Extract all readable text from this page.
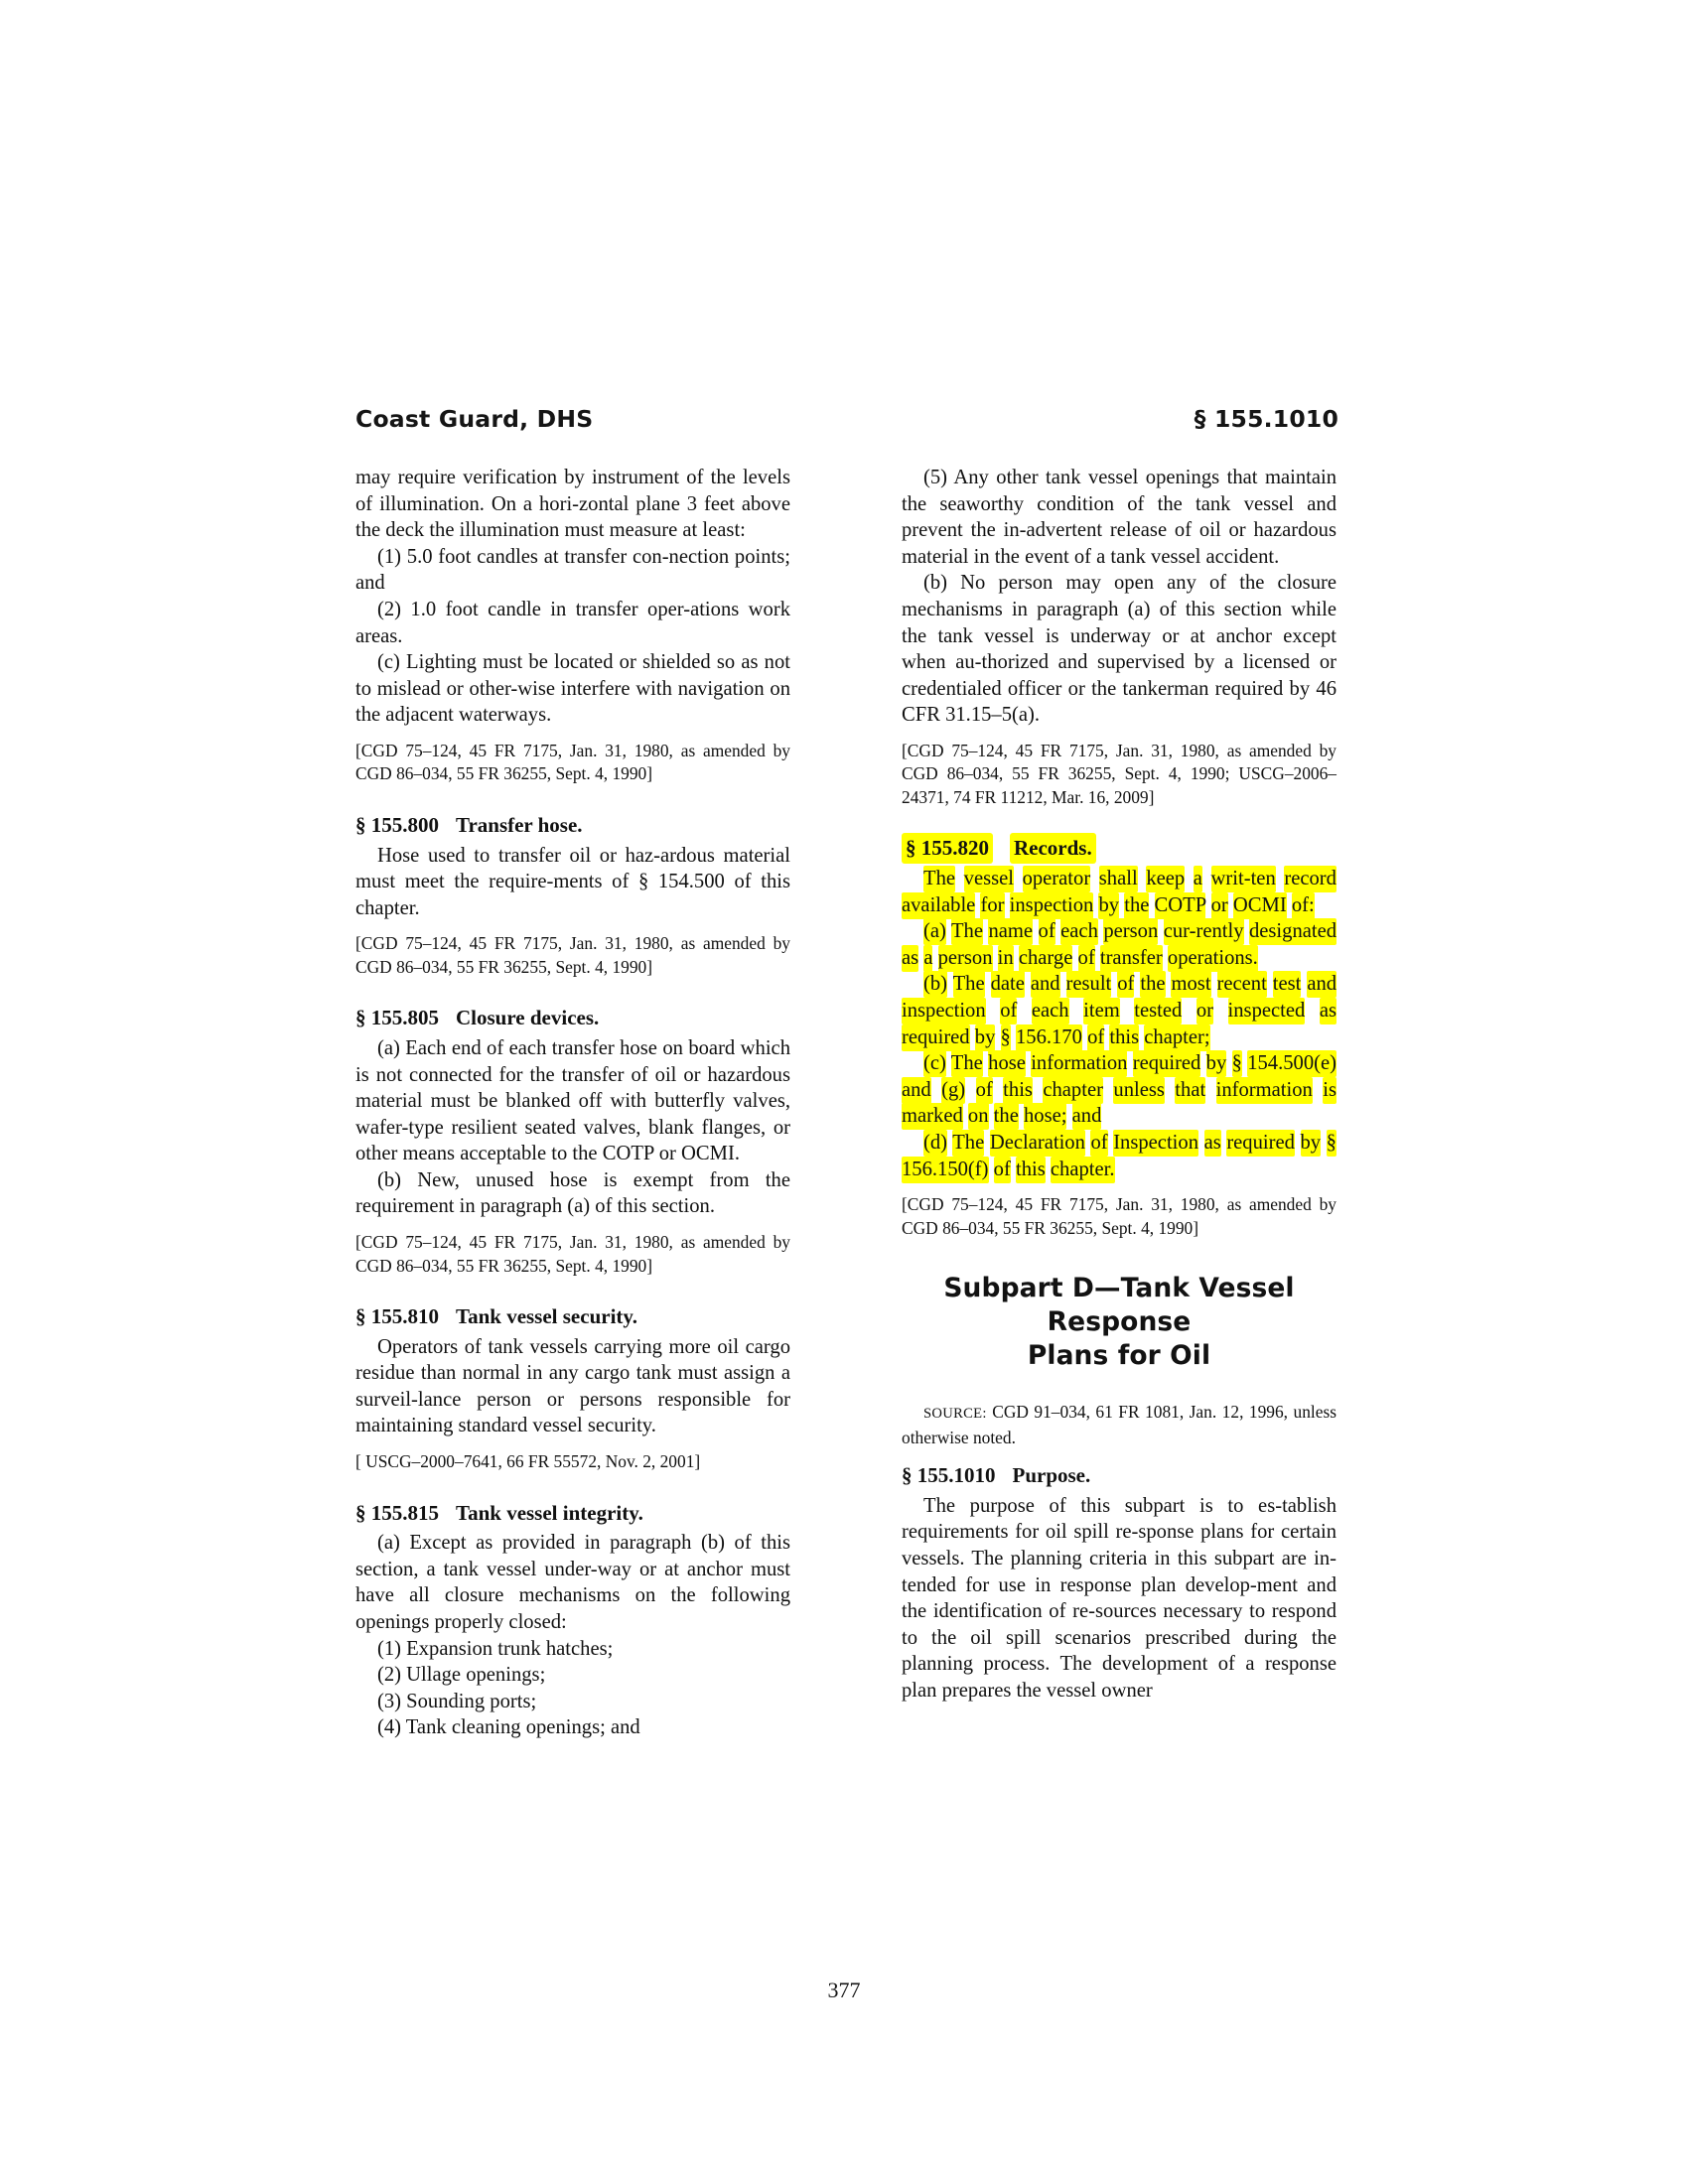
Coast Guard, DHS	§ 155.1010

may require verification by instrument of the levels of illumination. On a hori-zontal plane 3 feet above the deck the illumination must measure at least:

(1) 5.0 foot candles at transfer con-nection points; and

(2) 1.0 foot candle in transfer oper-ations work areas.

(c) Lighting must be located or shielded so as not to mislead or other-wise interfere with navigation on the adjacent waterways.

[CGD 75–124, 45 FR 7175, Jan. 31, 1980, as amended by CGD 86–034, 55 FR 36255, Sept. 4, 1990]

§ 155.800 Transfer hose.

Hose used to transfer oil or haz-ardous material must meet the require-ments of § 154.500 of this chapter.

[CGD 75–124, 45 FR 7175, Jan. 31, 1980, as amended by CGD 86–034, 55 FR 36255, Sept. 4, 1990]

§ 155.805 Closure devices.

(a) Each end of each transfer hose on board which is not connected for the transfer of oil or hazardous material must be blanked off with butterfly valves, wafer-type resilient seated valves, blank flanges, or other means acceptable to the COTP or OCMI.

(b) New, unused hose is exempt from the requirement in paragraph (a) of this section.

[CGD 75–124, 45 FR 7175, Jan. 31, 1980, as amended by CGD 86–034, 55 FR 36255, Sept. 4, 1990]

§ 155.810 Tank vessel security.

Operators of tank vessels carrying more oil cargo residue than normal in any cargo tank must assign a surveil-lance person or persons responsible for maintaining standard vessel security.

[ USCG–2000–7641, 66 FR 55572, Nov. 2, 2001]

§ 155.815 Tank vessel integrity.

(a) Except as provided in paragraph (b) of this section, a tank vessel under-way or at anchor must have all closure mechanisms on the following openings properly closed:

(1) Expansion trunk hatches;

(2) Ullage openings;

(3) Sounding ports;

(4) Tank cleaning openings; and

(5) Any other tank vessel openings that maintain the seaworthy condition of the tank vessel and prevent the in-advertent release of oil or hazardous material in the event of a tank vessel accident.

(b) No person may open any of the closure mechanisms in paragraph (a) of this section while the tank vessel is underway or at anchor except when au-thorized and supervised by a licensed or credentialed officer or the tankerman required by 46 CFR 31.15–5(a).

[CGD 75–124, 45 FR 7175, Jan. 31, 1980, as amended by CGD 86–034, 55 FR 36255, Sept. 4, 1990; USCG–2006–24371, 74 FR 11212, Mar. 16, 2009]

§ 155.820 Records.

The vessel operator shall keep a writ-ten record available for inspection by the COTP or OCMI of:

(a) The name of each person cur-rently designated as a person in charge of transfer operations.

(b) The date and result of the most recent test and inspection of each item tested or inspected as required by § 156.170 of this chapter;

(c) The hose information required by § 154.500(e) and (g) of this chapter unless that information is marked on the hose; and

(d) The Declaration of Inspection as required by § 156.150(f) of this chapter.

[CGD 75–124, 45 FR 7175, Jan. 31, 1980, as amended by CGD 86–034, 55 FR 36255, Sept. 4, 1990]

Subpart D—Tank Vessel Response
Plans for Oil

SOURCE: CGD 91–034, 61 FR 1081, Jan. 12, 1996, unless otherwise noted.

§ 155.1010 Purpose.

The purpose of this subpart is to es-tablish requirements for oil spill re-sponse plans for certain vessels. The planning criteria in this subpart are in-tended for use in response plan develop-ment and the identification of re-sources necessary to respond to the oil spill scenarios prescribed during the planning process. The development of a response plan prepares the vessel owner

377
